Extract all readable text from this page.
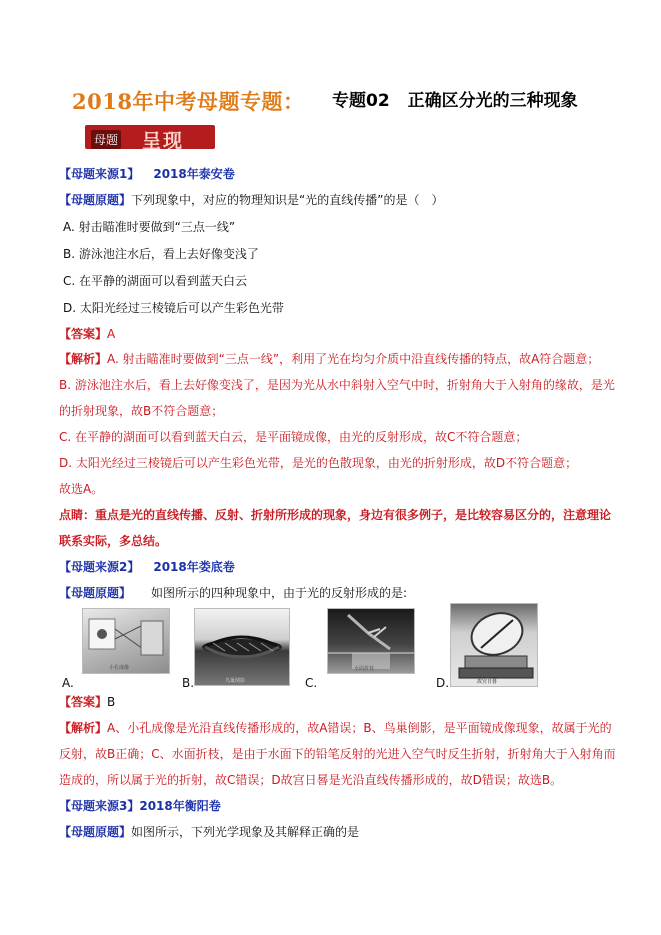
2018年中考母题专题： 专题02 正确区分光的三种现象
母题 呈现
【母题来源1】 2018年泰安卷
【母题原题】下列现象中，对应的物理知识是“光的直线传播”的是（　）
A. 射击瞄准时要做到“三点一线”
B. 游泳池注水后，看上去好像变浅了
C. 在平静的湖面可以看到蓝天白云
D. 太阳光经过三棱镜后可以产生彩色光带
【答案】A
【解析】A. 射击瞄准时要做到“三点一线”，利用了光在均匀介质中沿直线传播的特点，故A符合题意；
B. 游泳池注水后，看上去好像变浅了，是因为光从水中斜射入空气中时，折射角大于入射角的缘故，是光
的折射现象，故B不符合题意；
C. 在平静的湖面可以看到蓝天白云，是平面镜成像，由光的反射形成，故C不符合题意；
D. 太阳光经过三棱镜后可以产生彩色光带，是光的色散现象，由光的折射形成，故D不符合题意；
故选A。
点睛：重点是光的直线传播、反射、折射所形成的现象，身边有很多例子，是比较容易区分的，注意理论
联系实际，多总结。
【母题来源2】 2018年娄底卷
【母题原题】 如图所示的四种现象中，由于光的反射形成的是:
小孔成像
A.	鸟巢倒影
B.
水面折枝
C.	故宫日晷
D.
【答案】B
【解析】A、小孔成像是光沿直线传播形成的，故A错误；B、鸟巢倒影，是平面镜成像现象，故属于光的
反射，故B正确；C、水面折枝，是由于水面下的铅笔反射的光进入空气时反生折射，折射角大于入射角而
造成的，所以属于光的折射，故C错误；D故宫日晷是光沿直线传播形成的，故D错误；故选B。
【母题来源3】2018年衡阳卷
【母题原题】如图所示，下列光学现象及其解释正确的是
